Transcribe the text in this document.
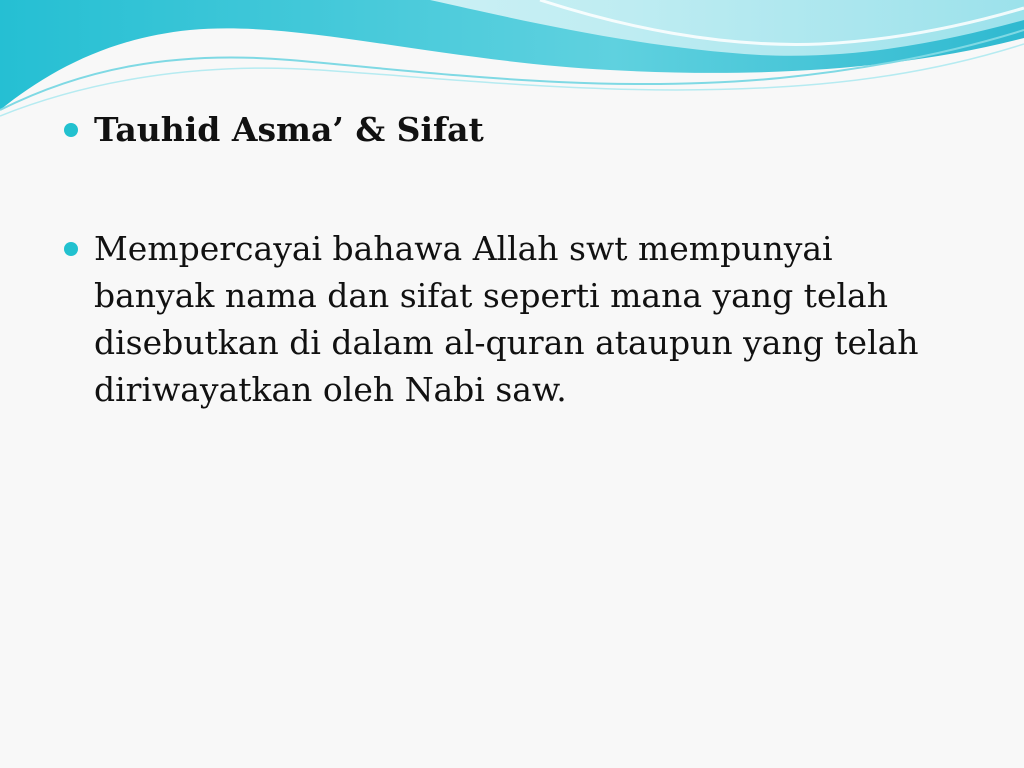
Tauhid Asma’ & Sifat
Mempercayai bahawa Allah swt mempunyai banyak nama dan sifat seperti mana yang telah disebutkan di dalam al-quran ataupun yang telah diriwayatkan oleh Nabi saw.
